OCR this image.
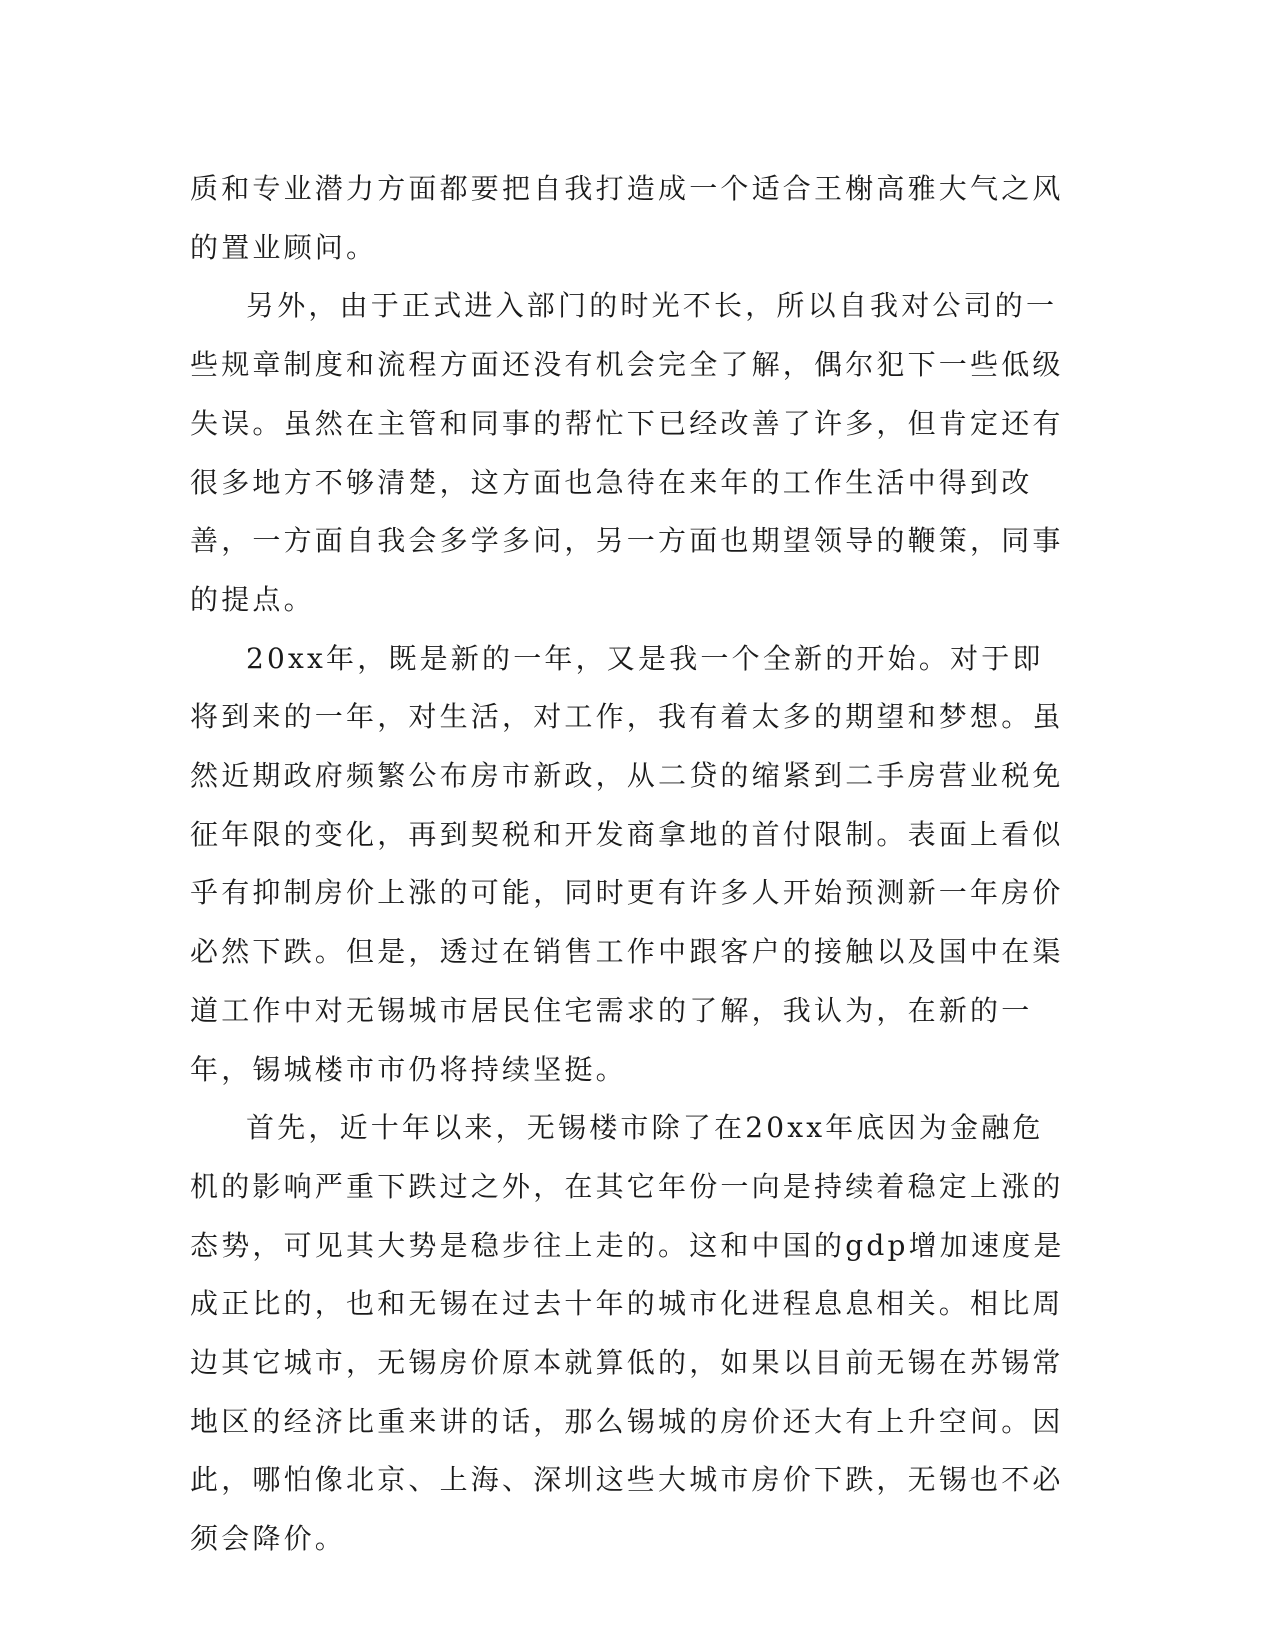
质和专业潜力方面都要把自我打造成一个适合王榭高雅大气之风的置业顾问。

另外，由于正式进入部门的时光不长，所以自我对公司的一些规章制度和流程方面还没有机会完全了解，偶尔犯下一些低级失误。虽然在主管和同事的帮忙下已经改善了许多，但肯定还有很多地方不够清楚，这方面也急待在来年的工作生活中得到改善，一方面自我会多学多问，另一方面也期望领导的鞭策，同事的提点。

20xx年，既是新的一年，又是我一个全新的开始。对于即将到来的一年，对生活，对工作，我有着太多的期望和梦想。虽然近期政府频繁公布房市新政，从二贷的缩紧到二手房营业税免征年限的变化，再到契税和开发商拿地的首付限制。表面上看似乎有抑制房价上涨的可能，同时更有许多人开始预测新一年房价必然下跌。但是，透过在销售工作中跟客户的接触以及国中在渠道工作中对无锡城市居民住宅需求的了解，我认为，在新的一年，锡城楼市市仍将持续坚挺。

首先，近十年以来，无锡楼市除了在20xx年底因为金融危机的影响严重下跌过之外，在其它年份一向是持续着稳定上涨的态势，可见其大势是稳步往上走的。这和中国的gdp增加速度是成正比的，也和无锡在过去十年的城市化进程息息相关。相比周边其它城市，无锡房价原本就算低的，如果以目前无锡在苏锡常地区的经济比重来讲的话，那么锡城的房价还大有上升空间。因此，哪怕像北京、上海、深圳这些大城市房价下跌，无锡也不必须会降价。
